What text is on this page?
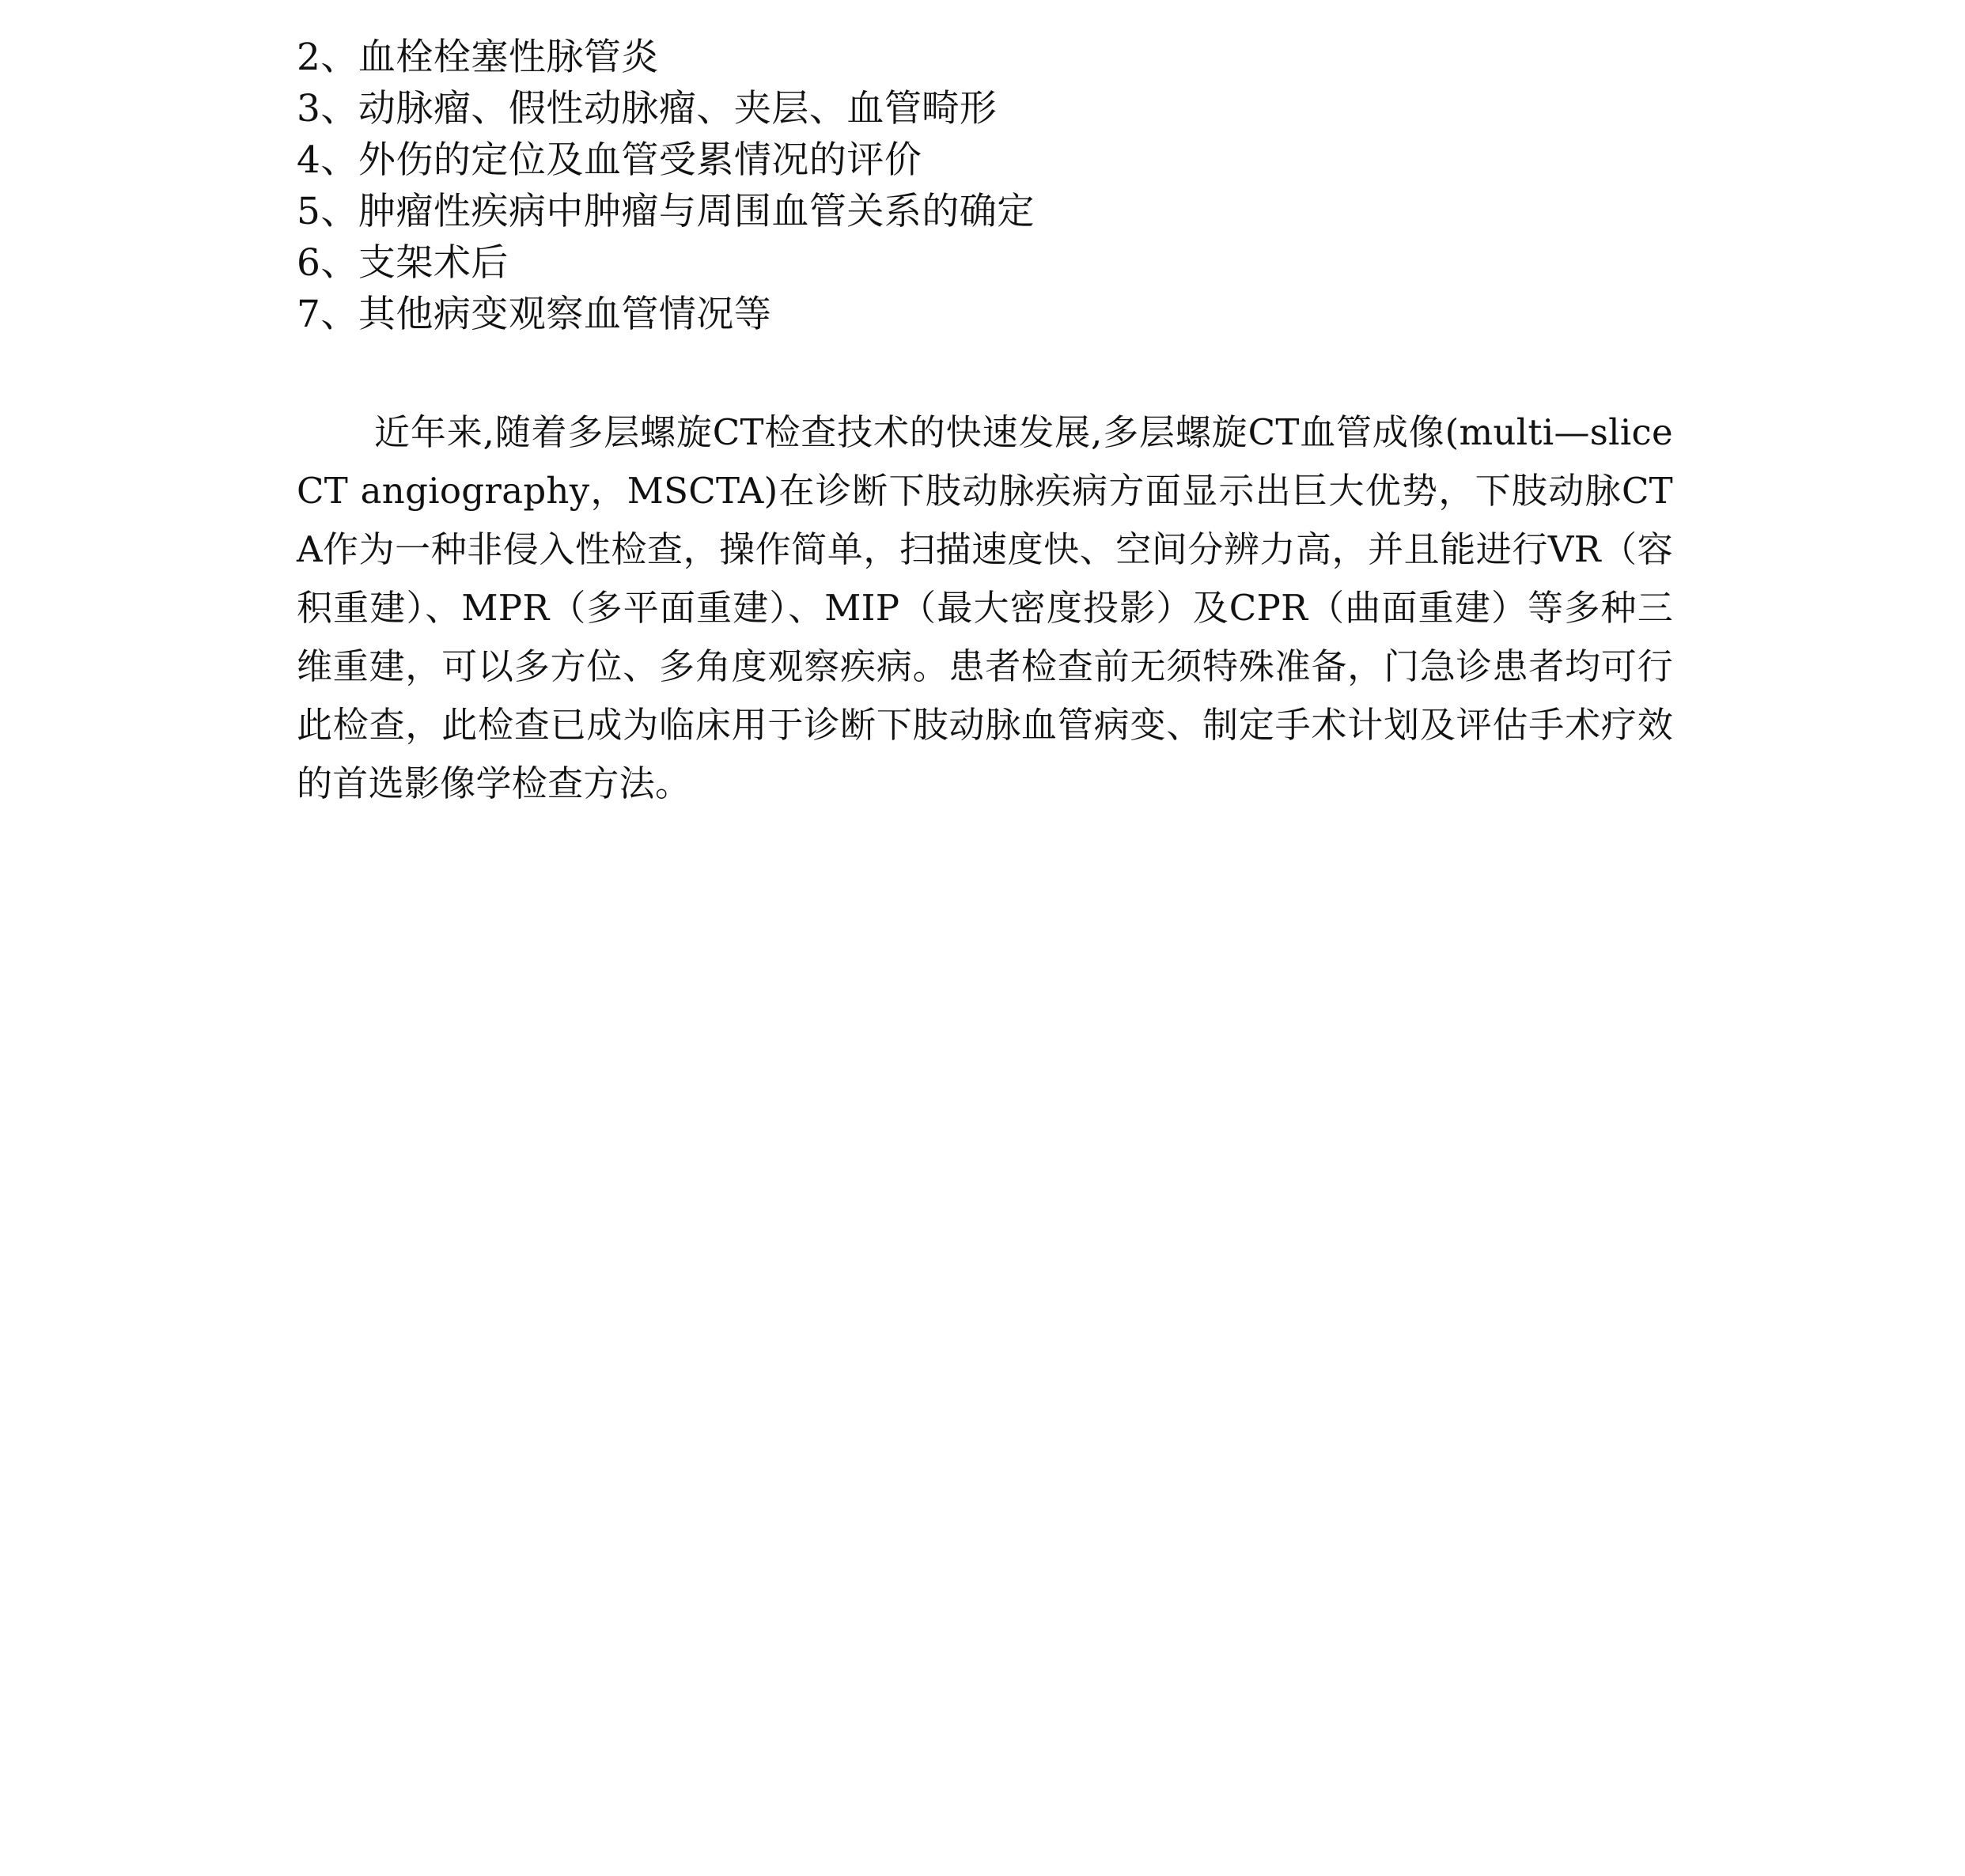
2、血栓栓塞性脉管炎
3、动脉瘤、假性动脉瘤、夹层、血管畸形
4、外伤的定位及血管受累情况的评价
5、肿瘤性疾病中肿瘤与周围血管关系的确定
6、支架术后
7、其他病变观察血管情况等

近年来,随着多层螺旋CT检查技术的快速发展,多层螺旋CT血管成像(multi—slice CT angiography，MSCTA)在诊断下肢动脉疾病方面显示出巨大优势，下肢动脉CTA作为一种非侵入性检查，操作简单，扫描速度快、空间分辨力高，并且能进行VR（容积重建）、MPR（多平面重建）、MIP（最大密度投影）及CPR（曲面重建）等多种三维重建，可以多方位、多角度观察疾病。患者检查前无须特殊准备，门急诊患者均可行此检查，此检查已成为临床用于诊断下肢动脉血管病变、制定手术计划及评估手术疗效的首选影像学检查方法。
